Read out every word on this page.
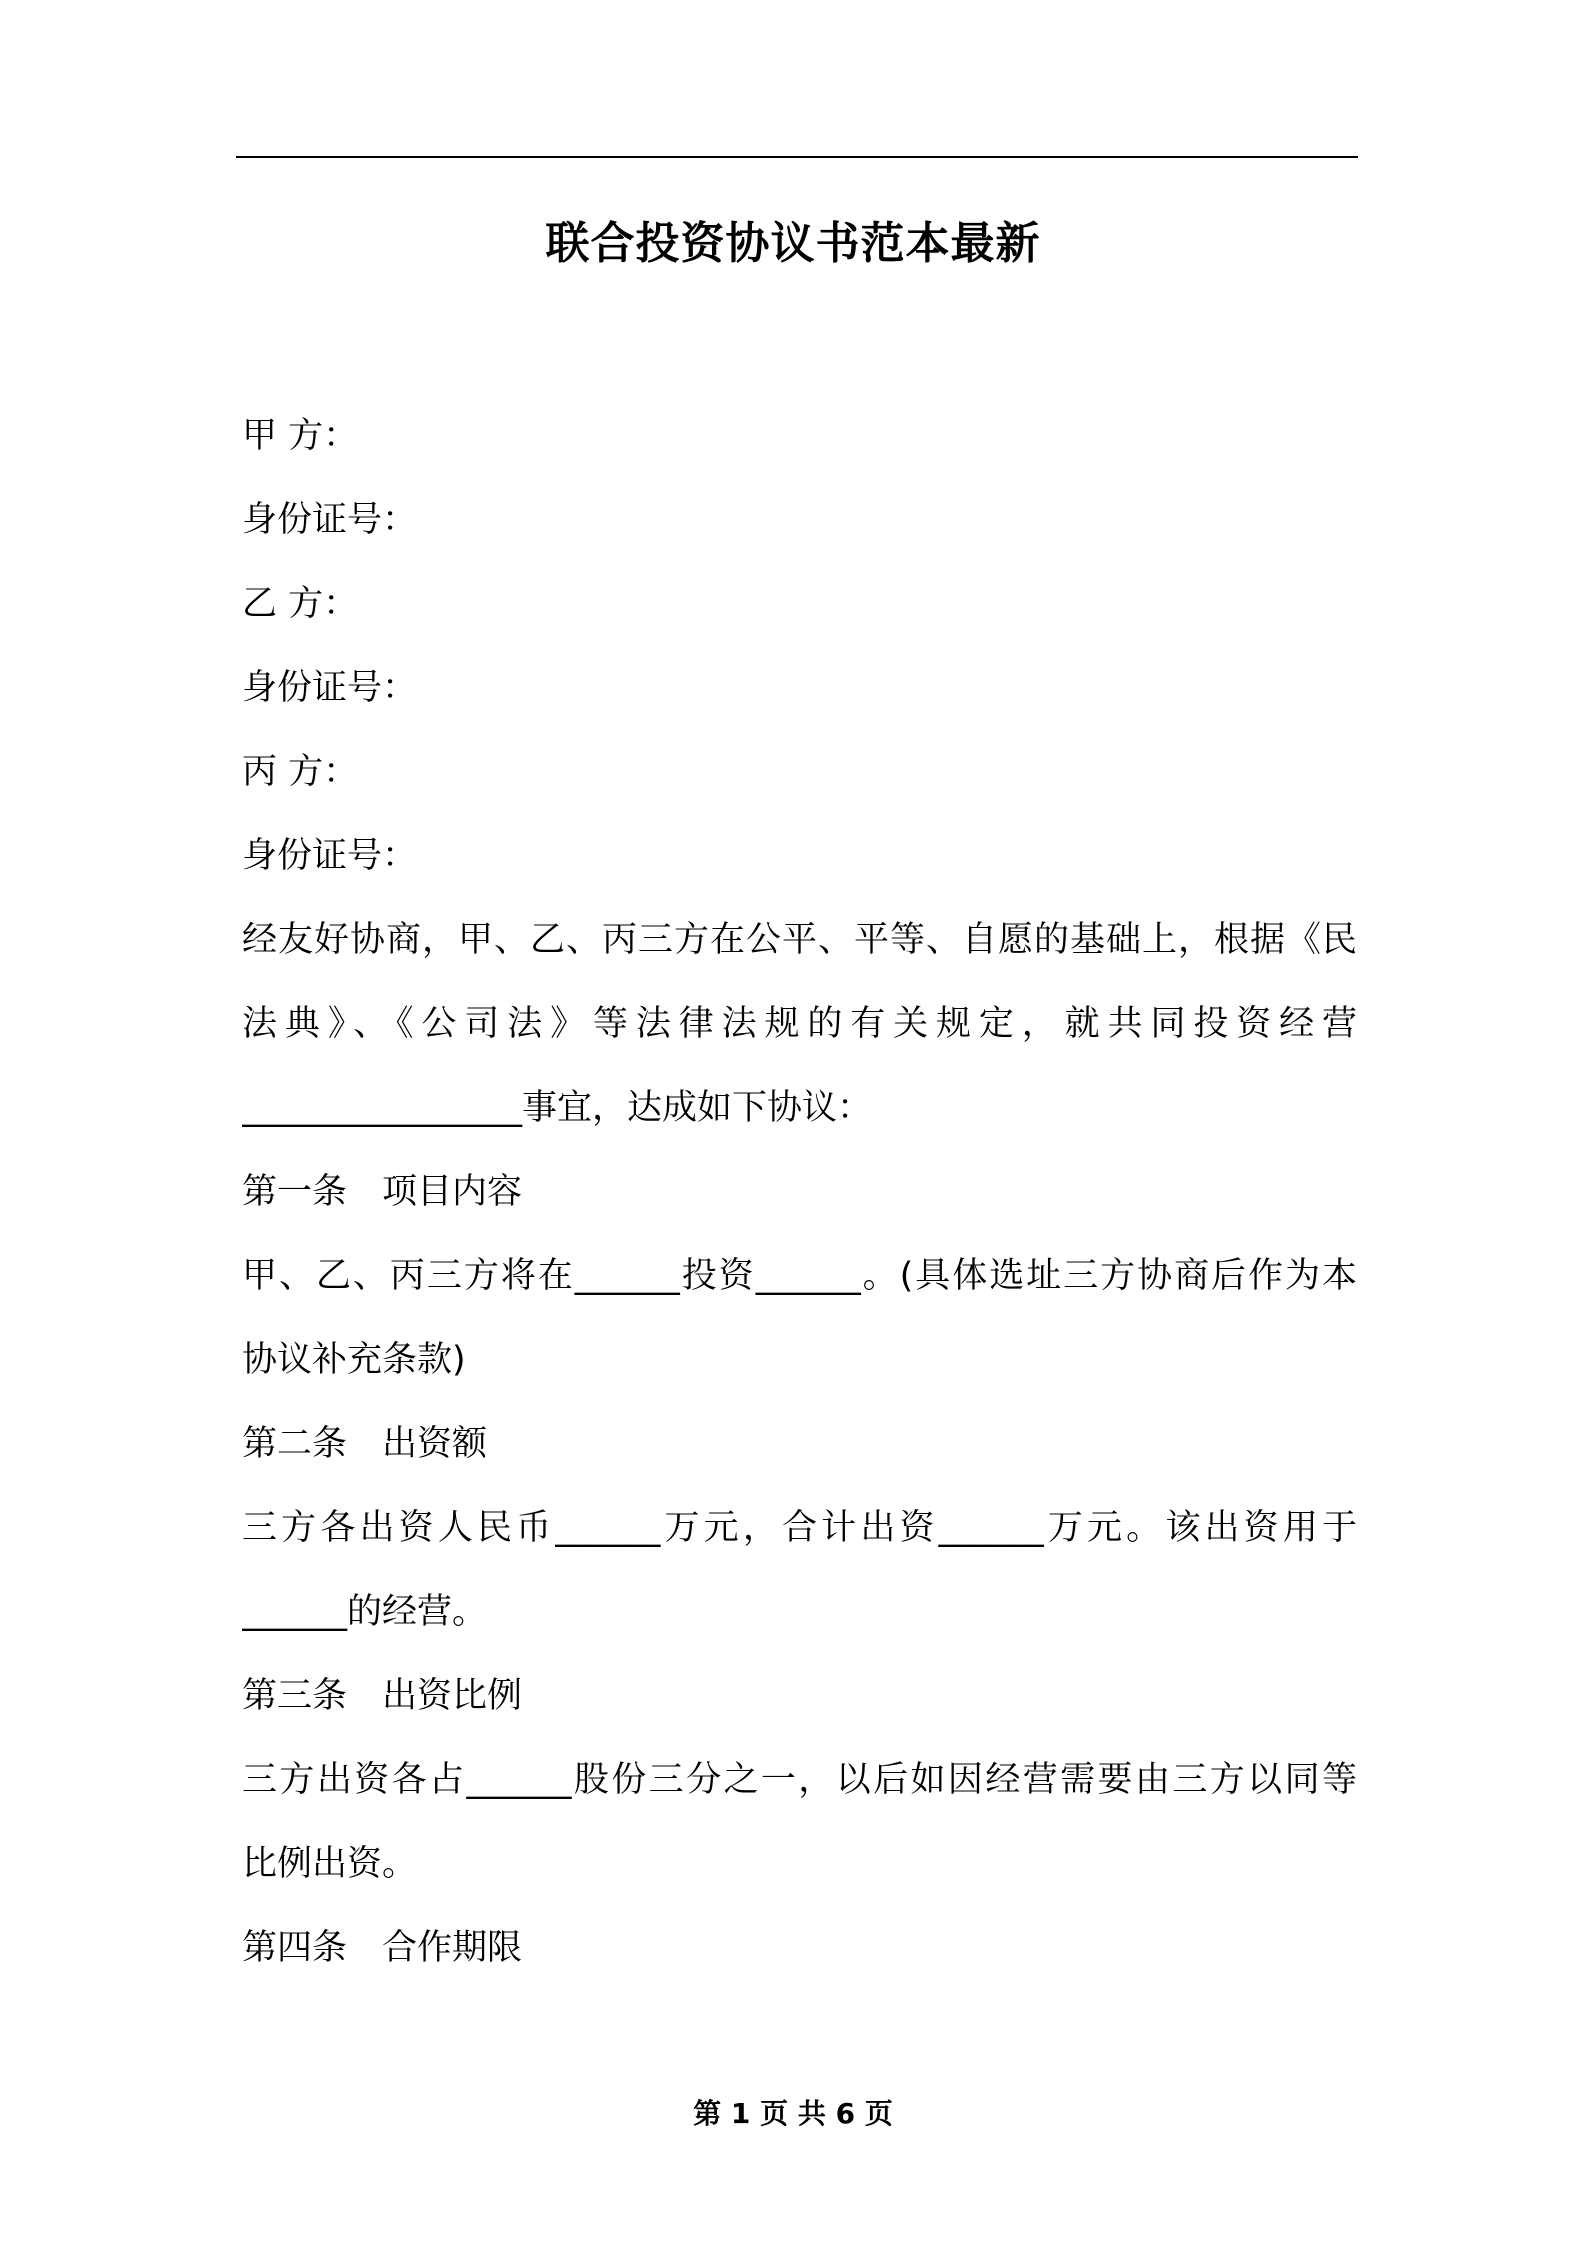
联合投资协议书范本最新
甲 方：
身份证号：
乙 方：
身份证号：
丙 方：
身份证号：
经友好协商，甲、乙、丙三方在公平、平等、自愿的基础上，根据《民
法典》、《公司法》等法律法规的有关规定，就共同投资经营
________________事宜，达成如下协议：
第一条　项目内容
甲、乙、丙三方将在______投资______。(具体选址三方协商后作为本
协议补充条款)
第二条　出资额
三方各出资人民币______万元，合计出资______万元。该出资用于
______的经营。
第三条　出资比例
三方出资各占______股份三分之一，以后如因经营需要由三方以同等
比例出资。
第四条　合作期限
第 1 页 共 6 页
